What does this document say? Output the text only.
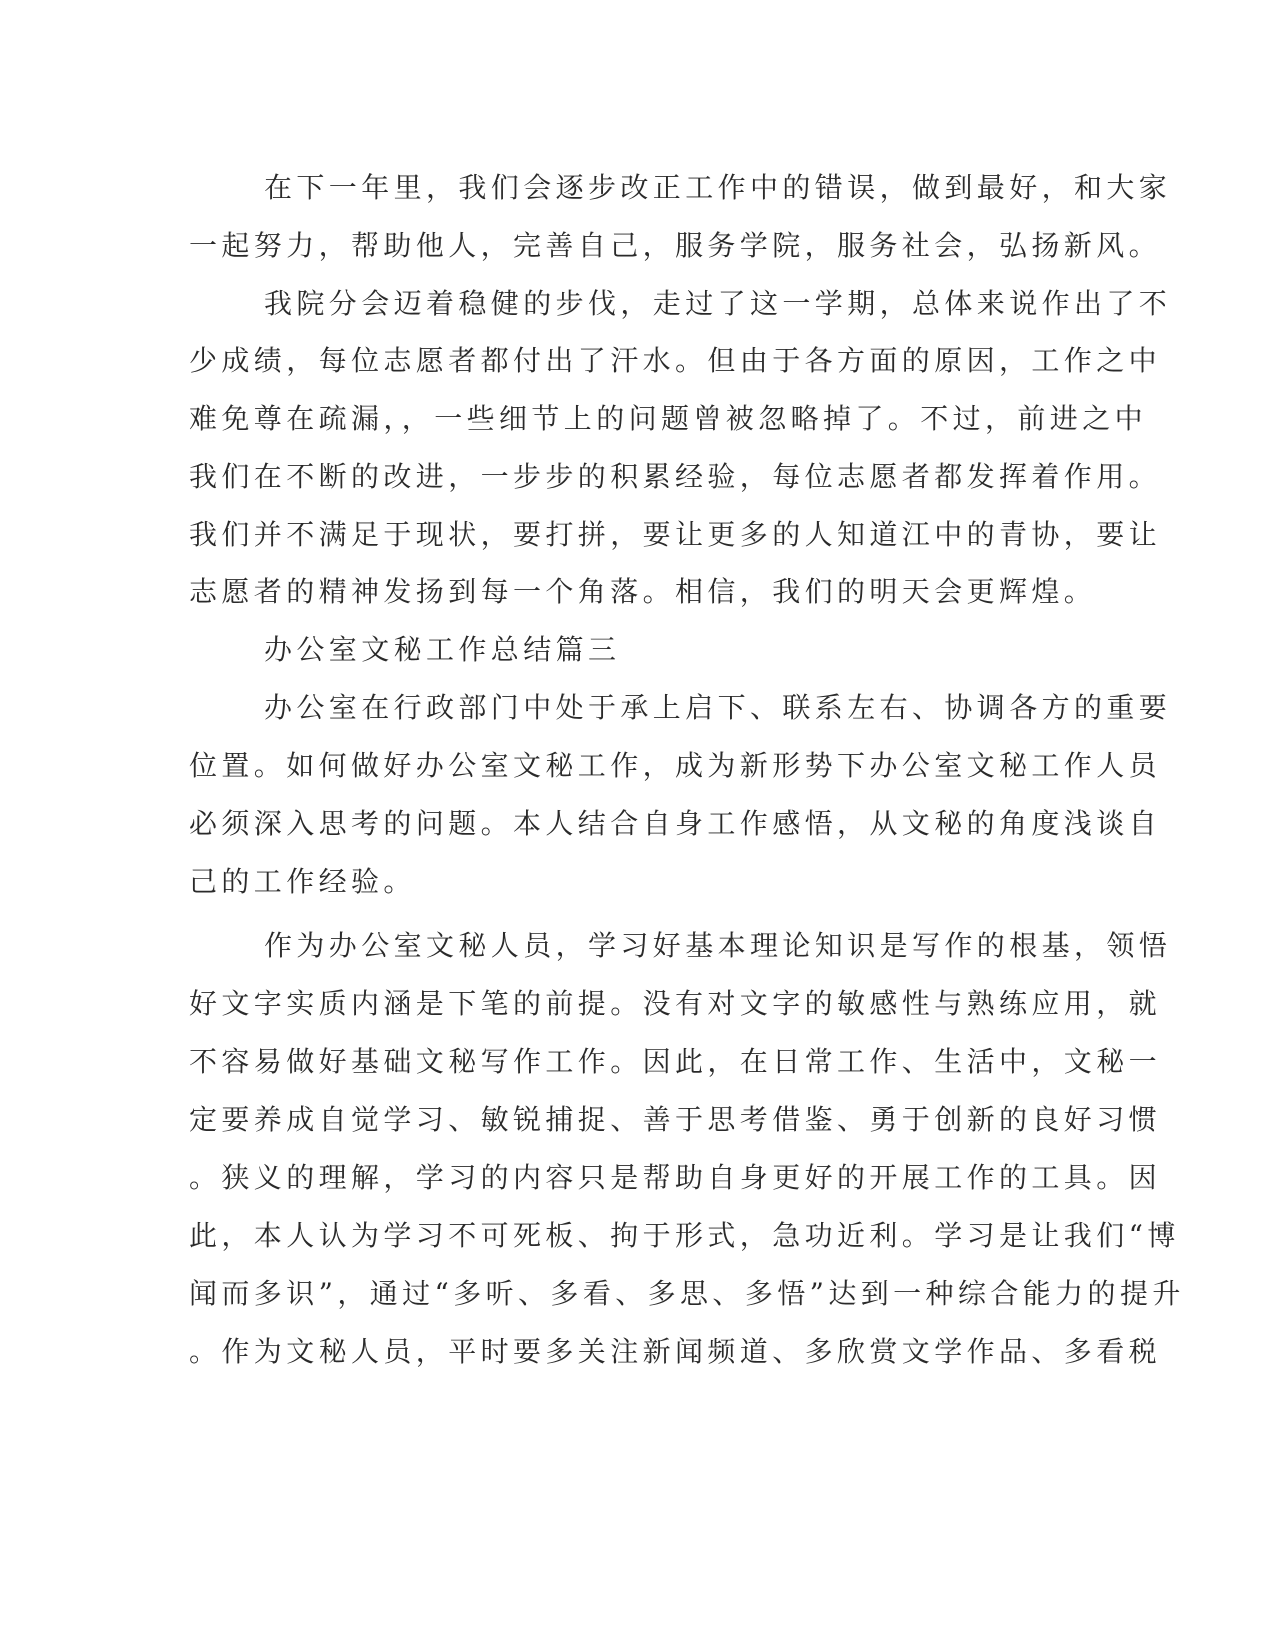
在下一年里，我们会逐步改正工作中的错误，做到最好，和大家
一起努力，帮助他人，完善自己，服务学院，服务社会，弘扬新风。
我院分会迈着稳健的步伐，走过了这一学期，总体来说作出了不
少成绩，每位志愿者都付出了汗水。但由于各方面的原因，工作之中
难免尊在疏漏，，一些细节上的问题曾被忽略掉了。不过，前进之中
我们在不断的改进，一步步的积累经验，每位志愿者都发挥着作用。
我们并不满足于现状，要打拼，要让更多的人知道江中的青协，要让
志愿者的精神发扬到每一个角落。相信，我们的明天会更辉煌。
办公室文秘工作总结篇三
办公室在行政部门中处于承上启下、联系左右、协调各方的重要
位置。如何做好办公室文秘工作，成为新形势下办公室文秘工作人员
必须深入思考的问题。本人结合自身工作感悟，从文秘的角度浅谈自
己的工作经验。
作为办公室文秘人员，学习好基本理论知识是写作的根基，领悟
好文字实质内涵是下笔的前提。没有对文字的敏感性与熟练应用，就
不容易做好基础文秘写作工作。因此，在日常工作、生活中，文秘一
定要养成自觉学习、敏锐捕捉、善于思考借鉴、勇于创新的良好习惯
。狭义的理解，学习的内容只是帮助自身更好的开展工作的工具。因
此，本人认为学习不可死板、拘于形式，急功近利。学习是让我们“博
闻而多识”，通过“多听、多看、多思、多悟”达到一种综合能力的提升
。作为文秘人员，平时要多关注新闻频道、多欣赏文学作品、多看税
